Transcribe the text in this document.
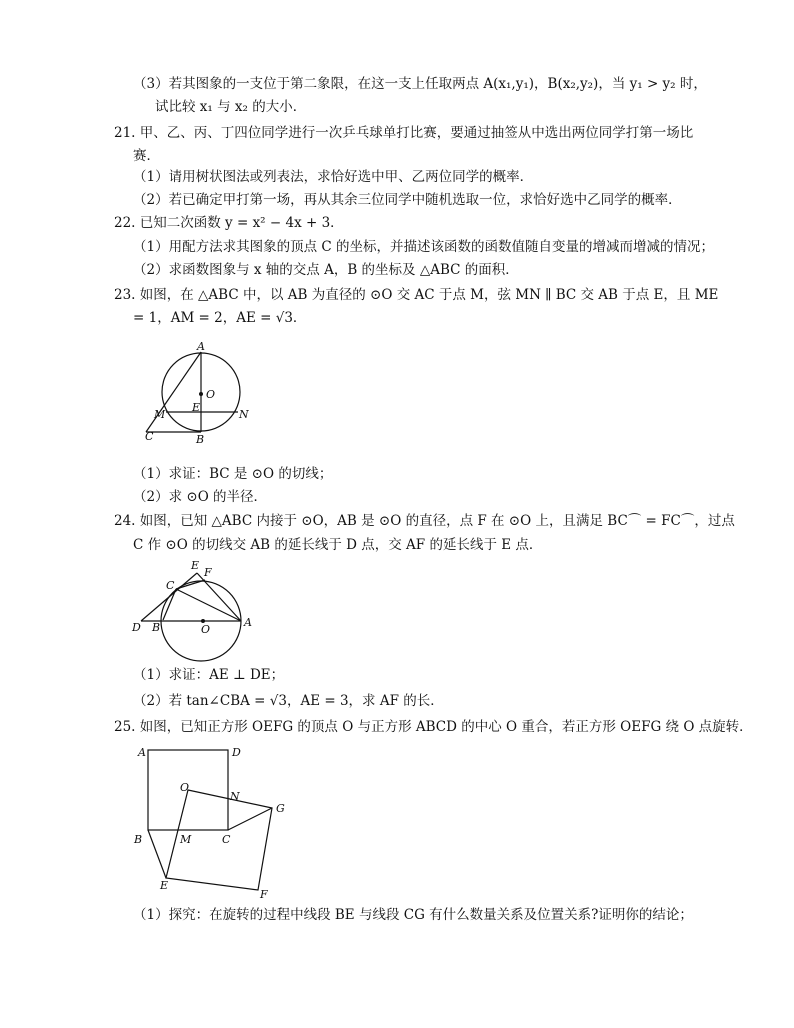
（3）若其图象的一支位于第二象限，在这一支上任取两点 A(x₁,y₁)，B(x₂,y₂)，当 y₁ > y₂ 时，
试比较 x₁ 与 x₂ 的大小．
21. 甲、乙、丙、丁四位同学进行一次乒乓球单打比赛，要通过抽签从中选出两位同学打第一场比
赛．
（1）请用树状图法或列表法，求恰好选中甲、乙两位同学的概率．
（2）若已确定甲打第一场，再从其余三位同学中随机选取一位，求恰好选中乙同学的概率．
22. 已知二次函数 y = x² − 4x + 3．
（1）用配方法求其图象的顶点 C 的坐标，并描述该函数的函数值随自变量的增减而增减的情况；
（2）求函数图象与 x 轴的交点 A，B 的坐标及 △ABC 的面积．
23. 如图，在 △ABC 中，以 AB 为直径的 ⊙O 交 AC 于点 M，弦 MN ∥ BC 交 AB 于点 E，且 ME
= 1，AM = 2，AE = √3．
A
O
E
M	N
C	B
（1）求证：BC 是 ⊙O 的切线；
（2）求 ⊙O 的半径．
24. 如图，已知 △ABC 内接于 ⊙O，AB 是 ⊙O 的直径，点 F 在 ⊙O 上，且满足 BC⌒ = FC⌒，过点
C 作 ⊙O 的切线交 AB 的延长线于 D 点，交 AF 的延长线于 E 点．
E
F
C
D B	O
A
（1）求证：AE ⊥ DE；
（2）若 tan∠CBA = √3，AE = 3，求 AF 的长．
25. 如图，已知正方形 OEFG 的顶点 O 与正方形 ABCD 的中心 O 重合，若正方形 OEFG 绕 O 点旋转．
A	D
O
N
G
B	M	C
E
F
（1）探究：在旋转的过程中线段 BE 与线段 CG 有什么数量关系及位置关系?证明你的结论；
